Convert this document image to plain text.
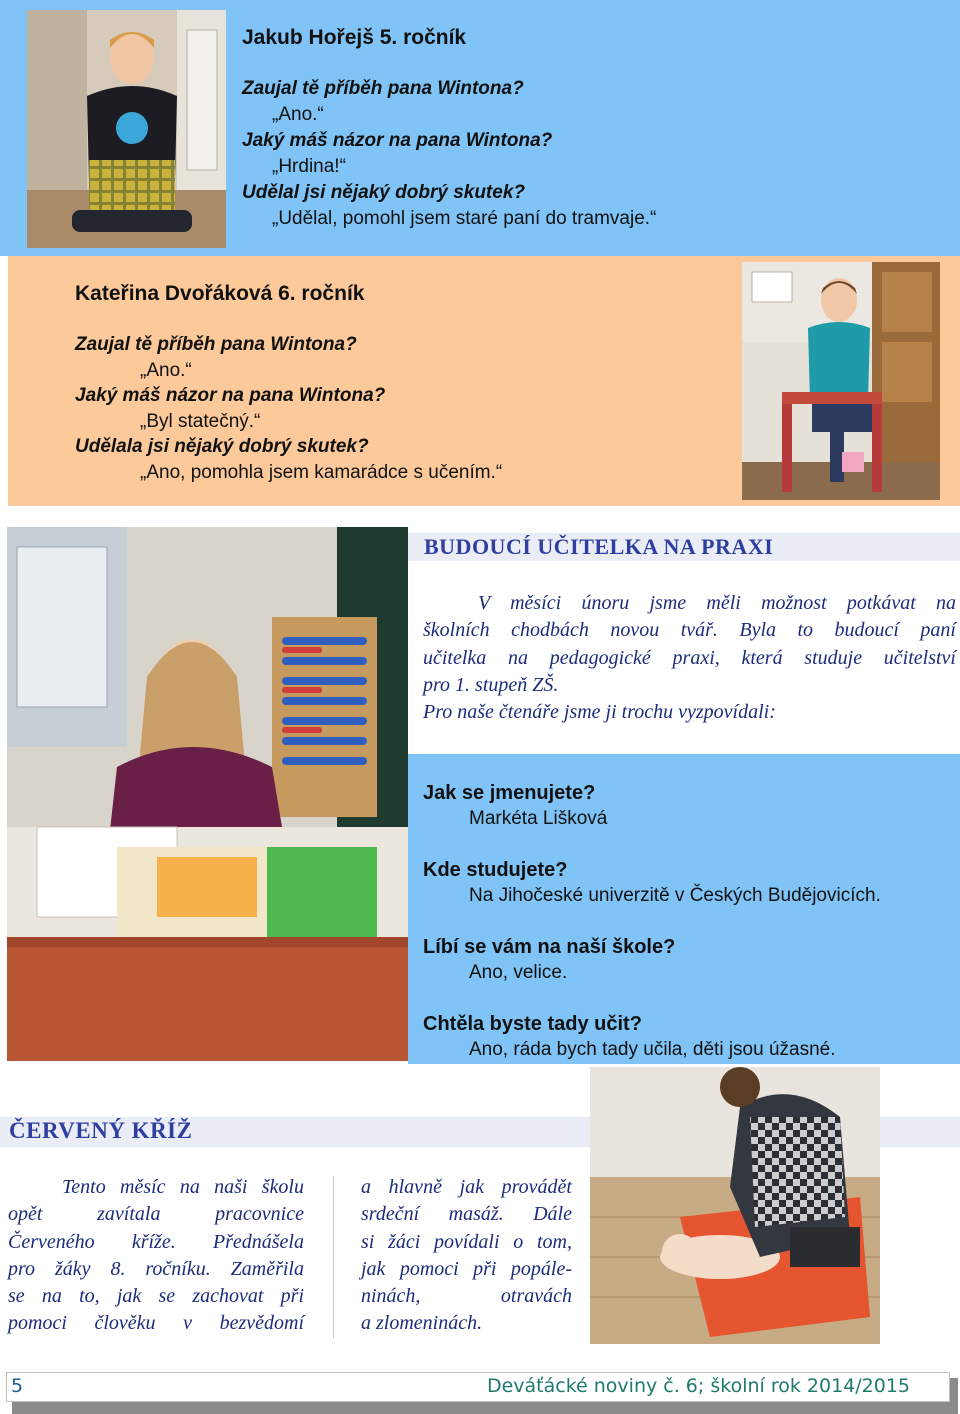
Jakub Hořejš 5. ročník
Zaujal tě příběh pana Wintona?
„Ano.“
Jaký máš názor na pana Wintona?
„Hrdina!“
Udělal jsi nějaký dobrý skutek?
„Udělal, pomohl jsem staré paní do tramvaje.“
Kateřina Dvořáková 6. ročník
Zaujal tě příběh pana Wintona?
„Ano.“
Jaký máš názor na pana Wintona?
„Byl statečný.“
Udělala jsi nějaký dobrý skutek?
„Ano, pomohla jsem kamarádce s učením.“
BUDOUCÍ UČITELKA NA PRAXI
V měsíci únoru jsme měli možnost potkávat na
školních chodbách novou tvář. Byla to budoucí paní
učitelka na pedagogické praxi, která studuje učitelství
pro 1. stupeň ZŠ.
Pro naše čtenáře jsme ji trochu vyzpovídali:
Jak se jmenujete?
Markéta Lišková
Kde studujete?
Na Jihočeské univerzitě v Českých Budějovicích.
Líbí se vám na naší škole?
Ano, velice.
Chtěla byste tady učit?
Ano, ráda bych tady učila, děti jsou úžasné.
ČERVENÝ KŘÍŽ
Tento měsíc na naši školu
opět zavítala pracovnice
Červeného kříže. Přednášela
pro žáky 8. ročníku. Zaměřila
se na to, jak se zachovat při
pomoci člověku v bezvědomí
a hlavně jak provádět
srdeční masáž. Dále
si žáci povídali o tom,
jak pomoci při popále-
ninách, otravách
a zlomeninách.
5	Deváťácké noviny č. 6; školní rok 2014/2015
